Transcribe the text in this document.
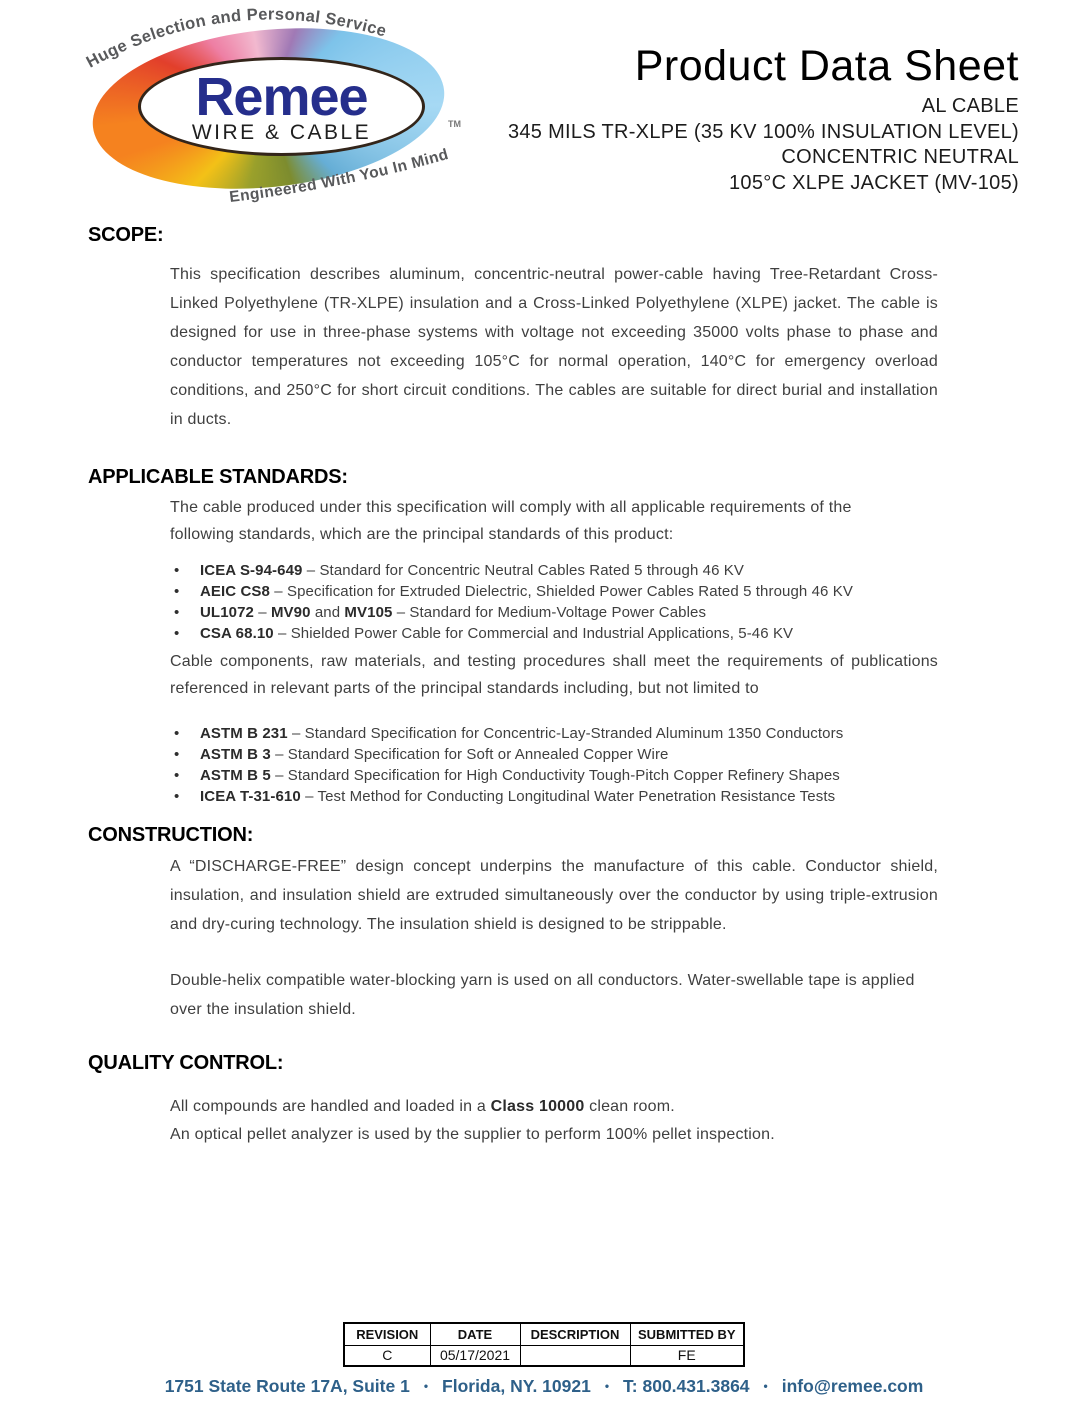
Remee
WIRE & CABLE	TM
Huge Selection and Personal Service
Engineered With You In Mind
Product Data Sheet
AL CABLE
345 MILS TR-XLPE (35 KV 100% INSULATION LEVEL)
CONCENTRIC NEUTRAL
105°C XLPE JACKET (MV-105)
SCOPE:
This specification describes aluminum, concentric-neutral power-cable having Tree-Retardant Cross-Linked Polyethylene (TR-XLPE) insulation and a Cross-Linked Polyethylene (XLPE) jacket. The cable is designed for use in three-phase systems with voltage not exceeding 35000 volts phase to phase and conductor temperatures not exceeding 105°C for normal operation, 140°C for emergency overload conditions, and 250°C for short circuit conditions. The cables are suitable for direct burial and installation in ducts.
APPLICABLE STANDARDS:
The cable produced under this specification will comply with all applicable requirements of the following standards, which are the principal standards of this product:
• ICEA S-94-649 – Standard for Concentric Neutral Cables Rated 5 through 46 KV
• AEIC CS8 – Specification for Extruded Dielectric, Shielded Power Cables Rated 5 through 46 KV
• UL1072 – MV90 and MV105 – Standard for Medium-Voltage Power Cables
• CSA 68.10 – Shielded Power Cable for Commercial and Industrial Applications, 5-46 KV
Cable components, raw materials, and testing procedures shall meet the requirements of publications referenced in relevant parts of the principal standards including, but not limited to
• ASTM B 231 – Standard Specification for Concentric-Lay-Stranded Aluminum 1350 Conductors
• ASTM B 3 – Standard Specification for Soft or Annealed Copper Wire
• ASTM B 5 – Standard Specification for High Conductivity Tough-Pitch Copper Refinery Shapes
• ICEA T-31-610 – Test Method for Conducting Longitudinal Water Penetration Resistance Tests
CONSTRUCTION:
A “DISCHARGE-FREE” design concept underpins the manufacture of this cable. Conductor shield, insulation, and insulation shield are extruded simultaneously over the conductor by using triple-extrusion and dry-curing technology. The insulation shield is designed to be strippable.
Double-helix compatible water-blocking yarn is used on all conductors. Water-swellable tape is applied over the insulation shield.
QUALITY CONTROL:
All compounds are handled and loaded in a Class 10000 clean room.
An optical pellet analyzer is used by the supplier to perform 100% pellet inspection.
REVISION	DATE	DESCRIPTION	SUBMITTED BY
C	05/17/2021		FE
1751 State Route 17A, Suite 1 • Florida, NY. 10921 • T: 800.431.3864 • info@remee.com
